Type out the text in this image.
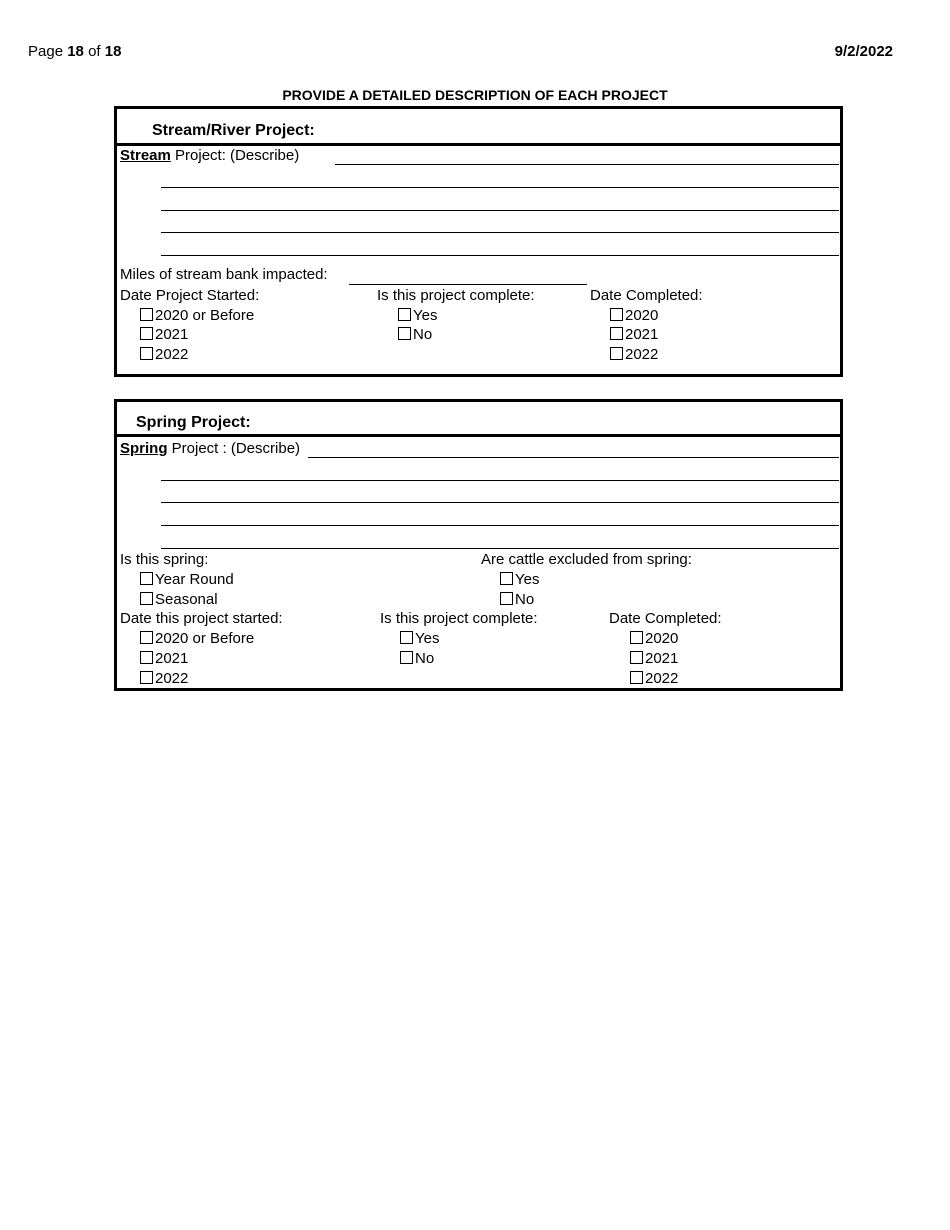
Page 18 of 18	9/2/2022
PROVIDE A DETAILED DESCRIPTION OF EACH PROJECT
Stream/River Project:
Stream Project: (Describe)
Miles of stream bank impacted:
Date Project Started:
2020 or Before
2021
2022
Is this project complete:
Yes
No
Date Completed:
2020
2021
2022
Spring Project:
Spring Project : (Describe)
Is this spring:
Year Round
Seasonal
Are cattle excluded from spring:
Yes
No
Date this project started:
2020 or Before
2021
2022
Is this project complete:
Yes
No
Date Completed:
2020
2021
2022
